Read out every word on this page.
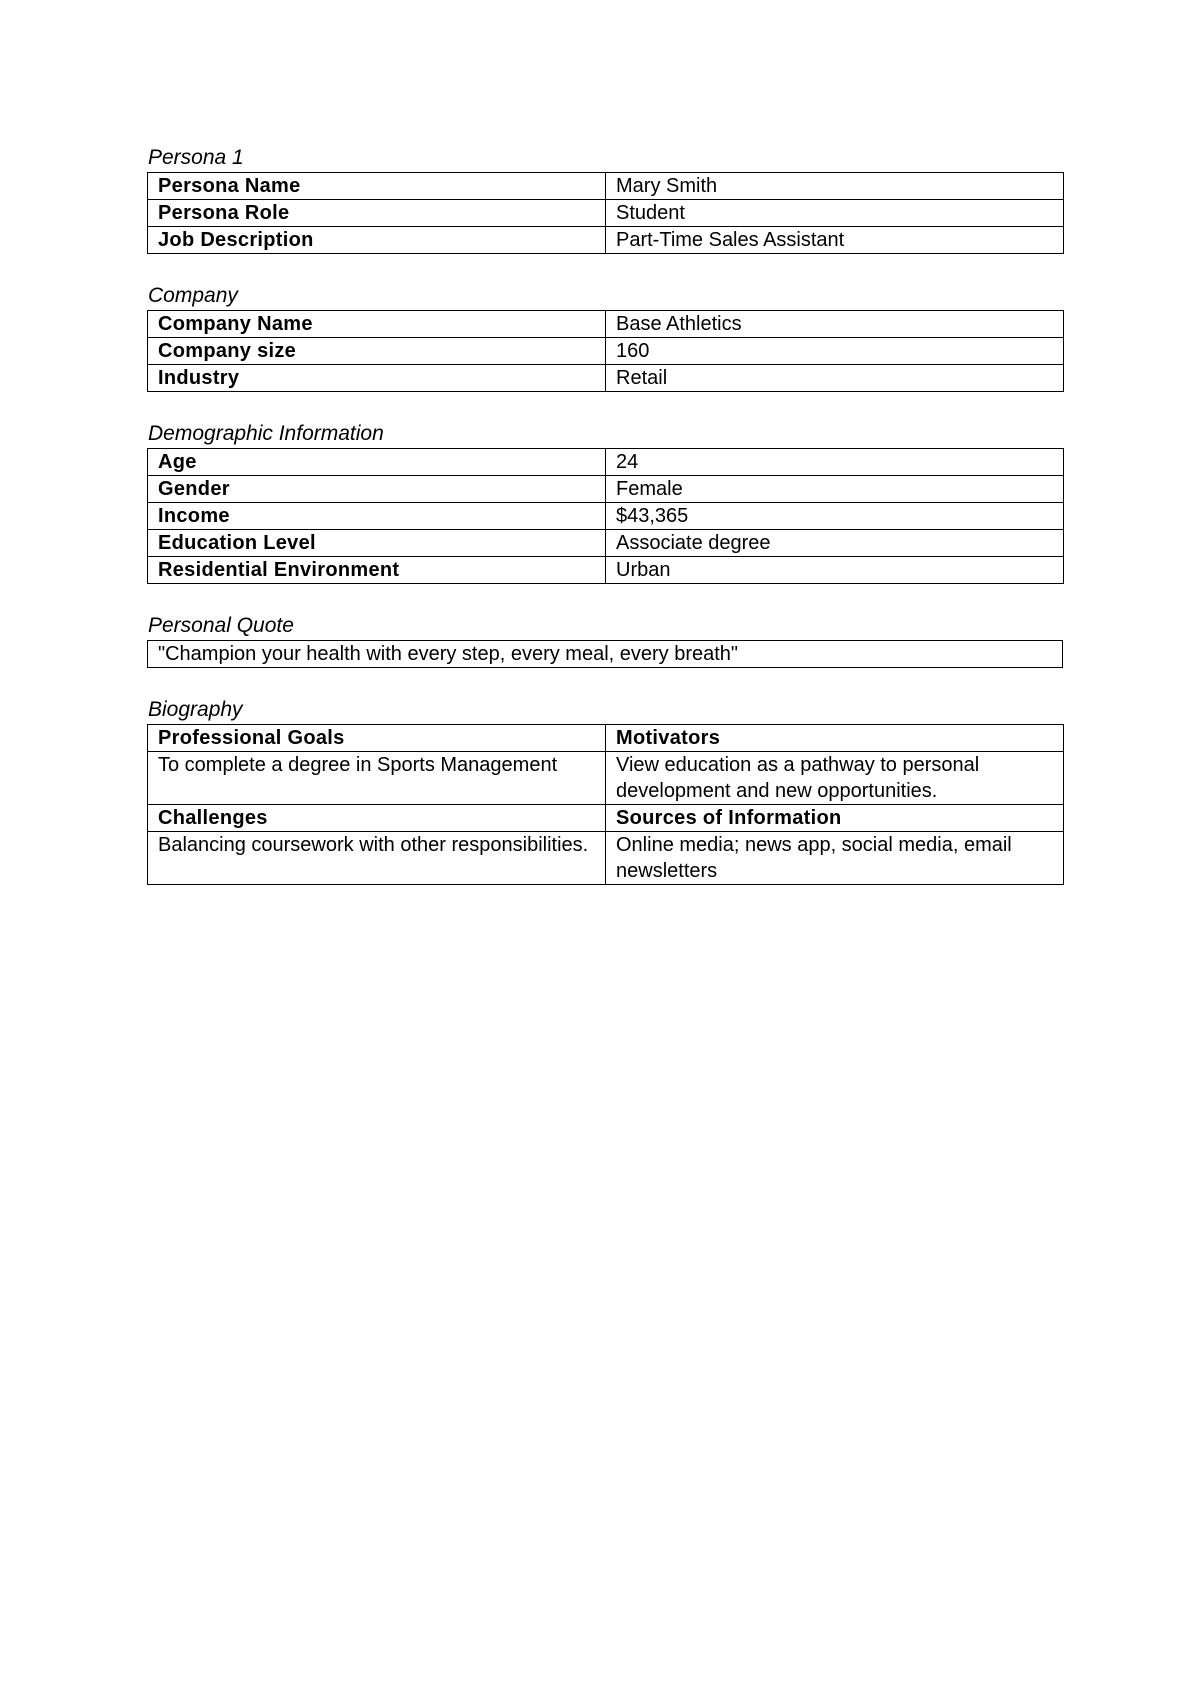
Persona 1
Persona Name	Mary Smith
Persona Role	Student
Job Description	Part-Time Sales Assistant
Company
Company Name	Base Athletics
Company size	160
Industry	Retail
Demographic Information
Age	24
Gender	Female
Income	$43,365
Education Level	Associate degree
Residential Environment	Urban
Personal Quote
"Champion your health with every step, every meal, every breath"
Biography
Professional Goals	Motivators
To complete a degree in Sports Management	View education as a pathway to personal development and new opportunities.
Challenges	Sources of Information
Balancing coursework with other responsibilities.	Online media; news app, social media, email newsletters
